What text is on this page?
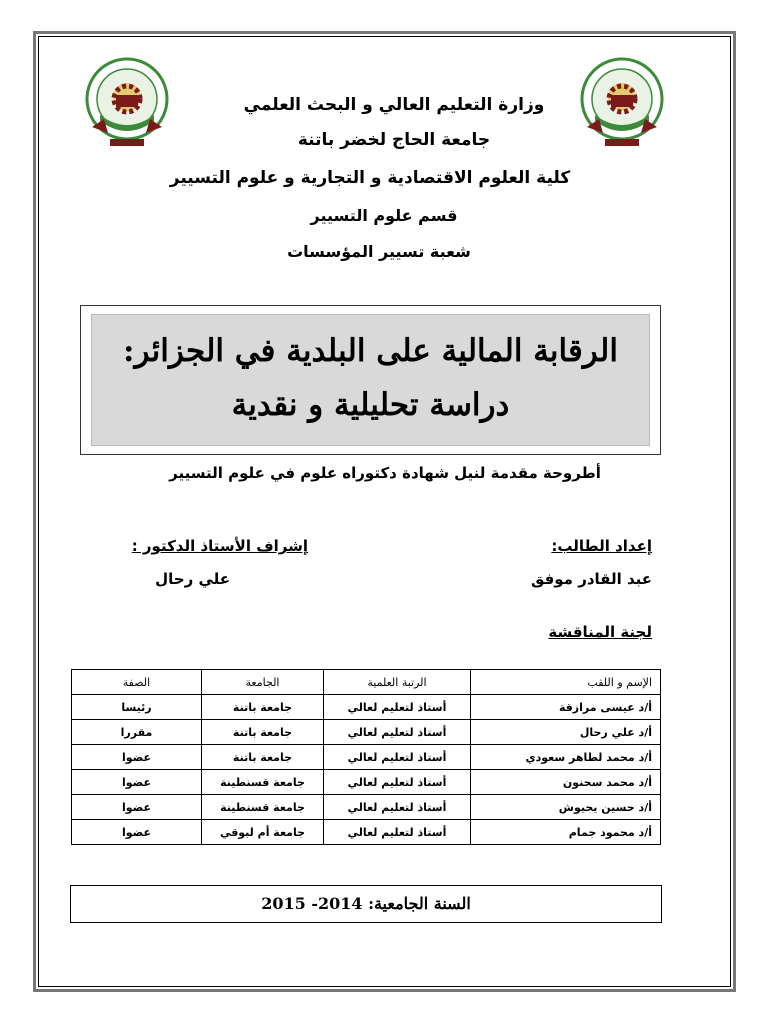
وزارة التعليم العالي و البحث العلمي
جامعة الحاج لخضر باتنة
كلية العلوم الاقتصادية و التجارية و علوم التسيير
قسم علوم التسيير
شعبة تسيير المؤسسات
الرقابة المالية على البلدية في الجزائر:
دراسة تحليلية و نقدية
أطروحة مقدمة لنيل شهادة دكتوراه علوم في علوم التسيير
إعداد الطالب:
عبد القادر موفق
إشراف الأستاذ الدكتور :
علي رحال
لجنة المناقشة
الإسم و اللقب	الرتبة العلمية	الجامعة	الصفة
أ/د عيسى مرازقة	أستاذ لتعليم لعالي	جامعة باتنة	رئيسا
أ/د علي رحال	أستاذ لتعليم لعالي	جامعة باتنة	مقررا
أ/د محمد لطاهر سعودي	أستاذ لتعليم لعالي	جامعة باتنة	عضوا
أ/د محمد سحنون	أستاذ لتعليم لعالي	جامعة قسنطينة	عضوا
أ/د حسين يحيوش	أستاذ لتعليم لعالي	جامعة قسنطينة	عضوا
أ/د محمود جمام	أستاذ لتعليم لعالي	جامعة أم لبوقي	عضوا
السنة الجامعية: 2014- 2015
